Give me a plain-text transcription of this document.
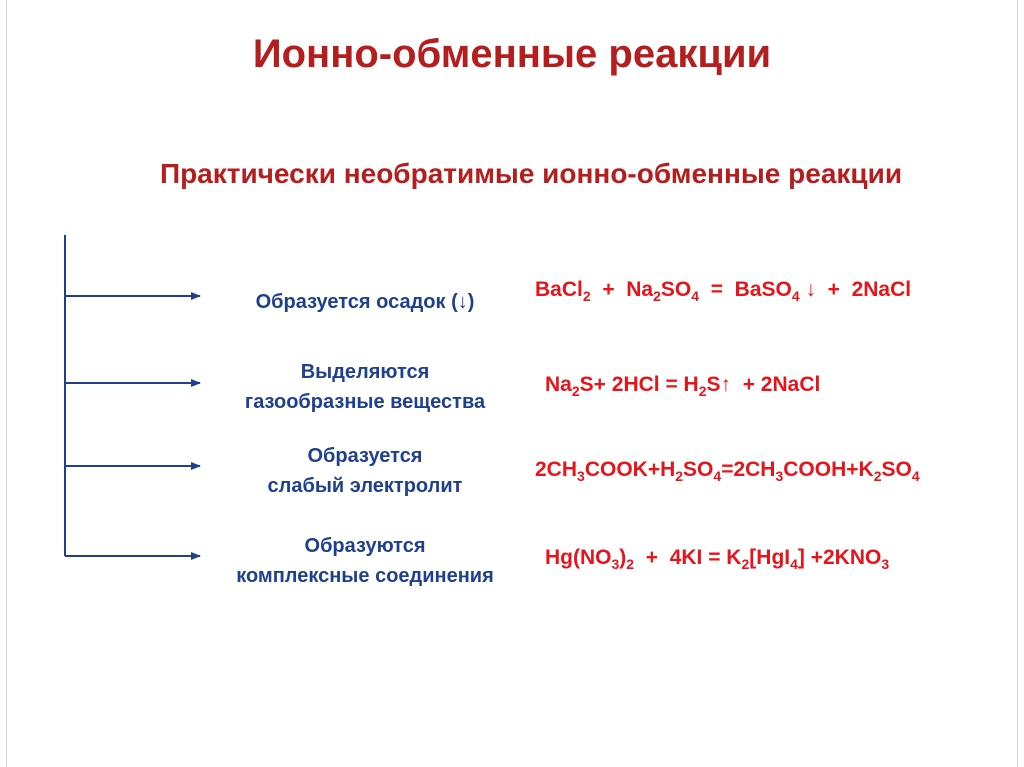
Ионно-обменные реакции
Практически необратимые ионно-обменные реакции
Образуется осадок (↓)
BaCl$_2$  +  $Na_2SO_4$  =  BaSO$_4$ ↓  +  2NaCl
Выделяются
газообразные вещества
$Na_2S+ 2HCl$ = $H_2S↑$  + 2NaCl
Образуется
слабый электролит
$2CH_3COOK+H_2SO_4=2CH_3COOH+K_2SO_4$
Образуются
комплексные соединения
$Hg(NO_3)_2 + 4KI = K_2[HgI_4] +2KNO_3$
